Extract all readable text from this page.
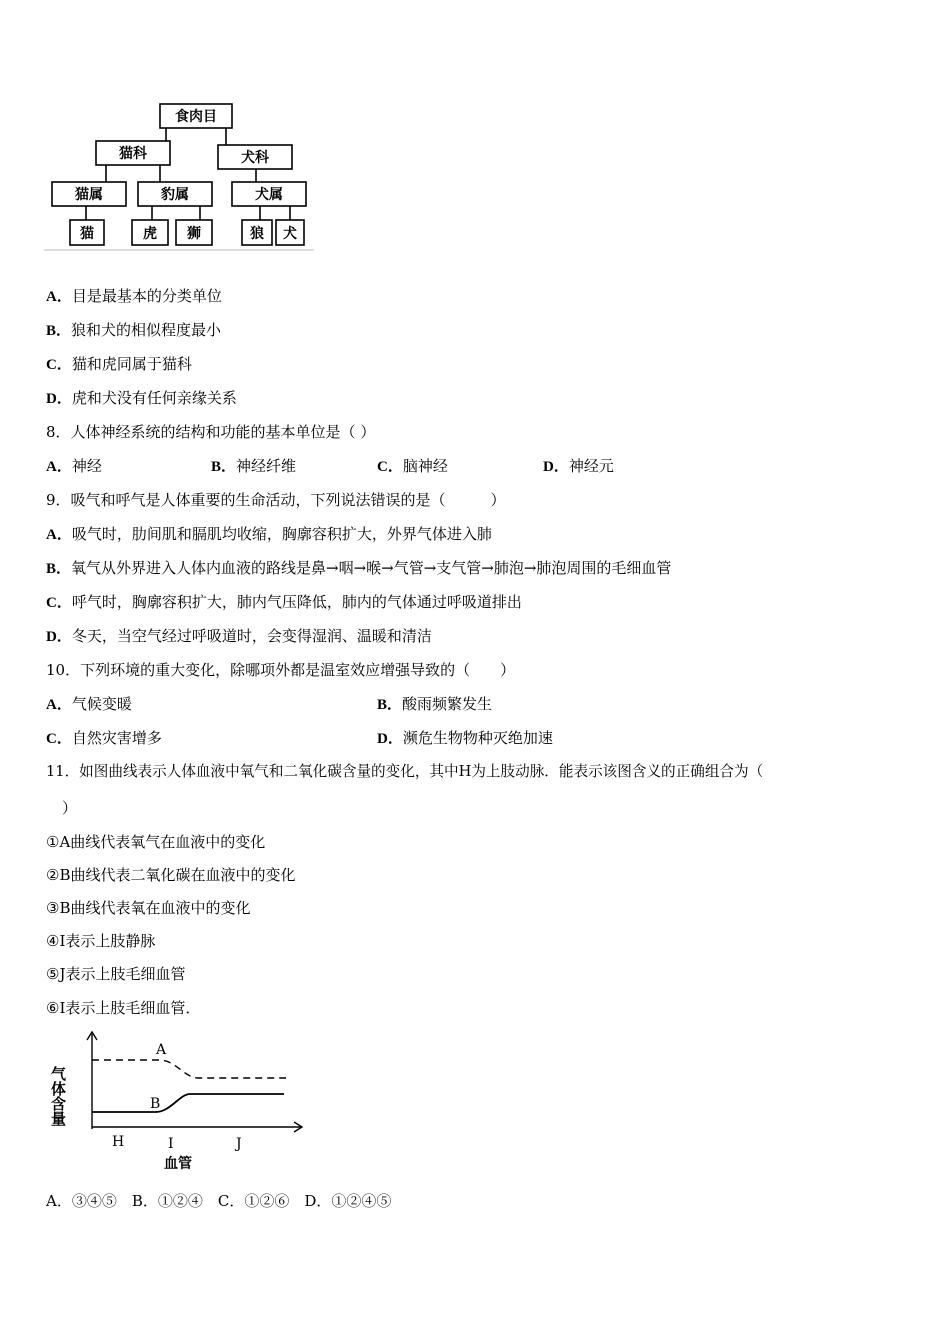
食肉目
猫科	犬科
猫属	豹属	犬属
猫	虎 狮	狼 犬
A．目是最基本的分类单位
B．狼和犬的相似程度最小
C．猫和虎同属于猫科
D．虎和犬没有任何亲缘关系
8．人体神经系统的结构和功能的基本单位是（ ）
A．神经	B．神经纤维	C．脑神经	D．神经元
9．吸气和呼气是人体重要的生命活动，下列说法错误的是（　　　）
A．吸气时，肋间肌和膈肌均收缩，胸廓容积扩大，外界气体进入肺
B．氧气从外界进入人体内血液的路线是鼻→咽→喉→气管→支气管→肺泡→肺泡周围的毛细血管
C．呼气时，胸廓容积扩大，肺内气压降低，肺内的气体通过呼吸道排出
D．冬天，当空气经过呼吸道时，会变得湿润、温暖和清洁
10．下列环境的重大变化，除哪项外都是温室效应增强导致的（　　）
A．气候变暖	B．酸雨频繁发生
C．自然灾害增多	D．濒危生物物种灭绝加速
11．如图曲线表示人体血液中氧气和二氧化碳含量的变化，其中H为上肢动脉．能表示该图含义的正确组合为（
）
①A曲线代表氧气在血液中的变化
②B曲线代表二氧化碳在血液中的变化
③B曲线代表氧在血液中的变化
④I表示上肢静脉
⑤J表示上肢毛细血管
⑥I表示上肢毛细血管．
气体含量
A
B
H	I	J
血管
A．③④⑤　B．①②④　C．①②⑥　D．①②④⑤
